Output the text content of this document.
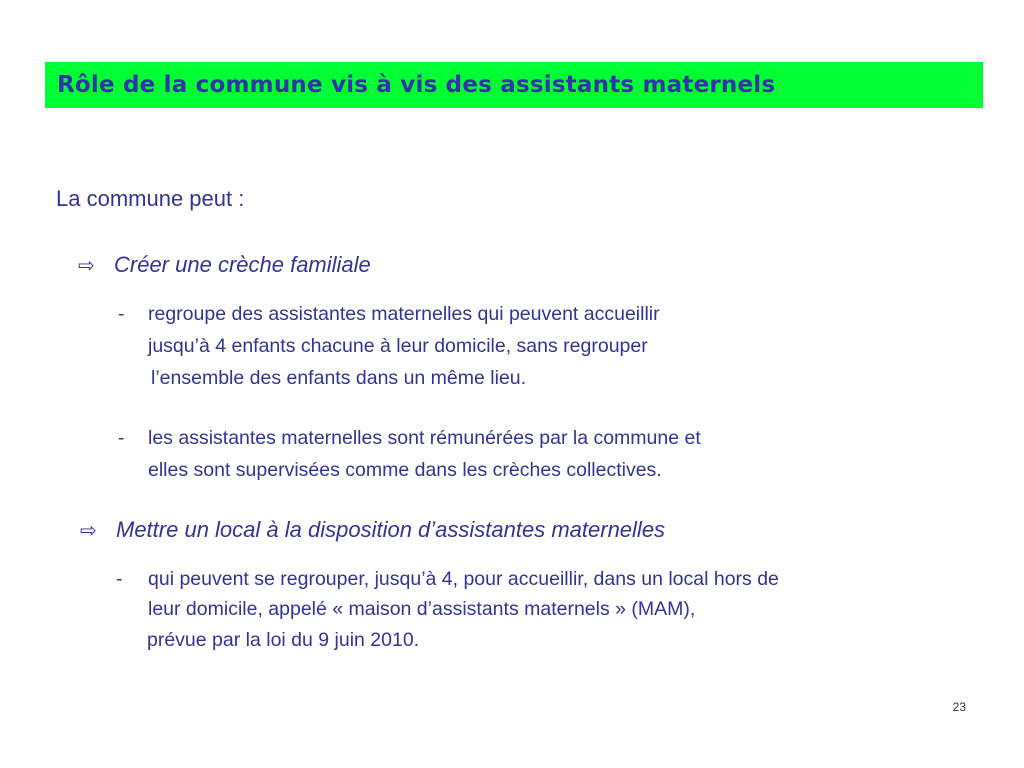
Rôle de la commune vis à vis des assistants maternels
La commune peut :
⇨ Créer une crèche familiale
- regroupe des assistantes maternelles qui peuvent accueillir
jusqu’à 4 enfants chacune à leur domicile, sans regrouper
l’ensemble des enfants dans un même lieu.
- les assistantes maternelles sont rémunérées par la commune et
elles sont supervisées comme dans les crèches collectives.
⇨ Mettre un local à la disposition d’assistantes maternelles
- qui peuvent se regrouper, jusqu’à 4, pour accueillir, dans un local hors de
leur domicile, appelé « maison d’assistants maternels » (MAM),
prévue par la loi du 9 juin 2010.
23
